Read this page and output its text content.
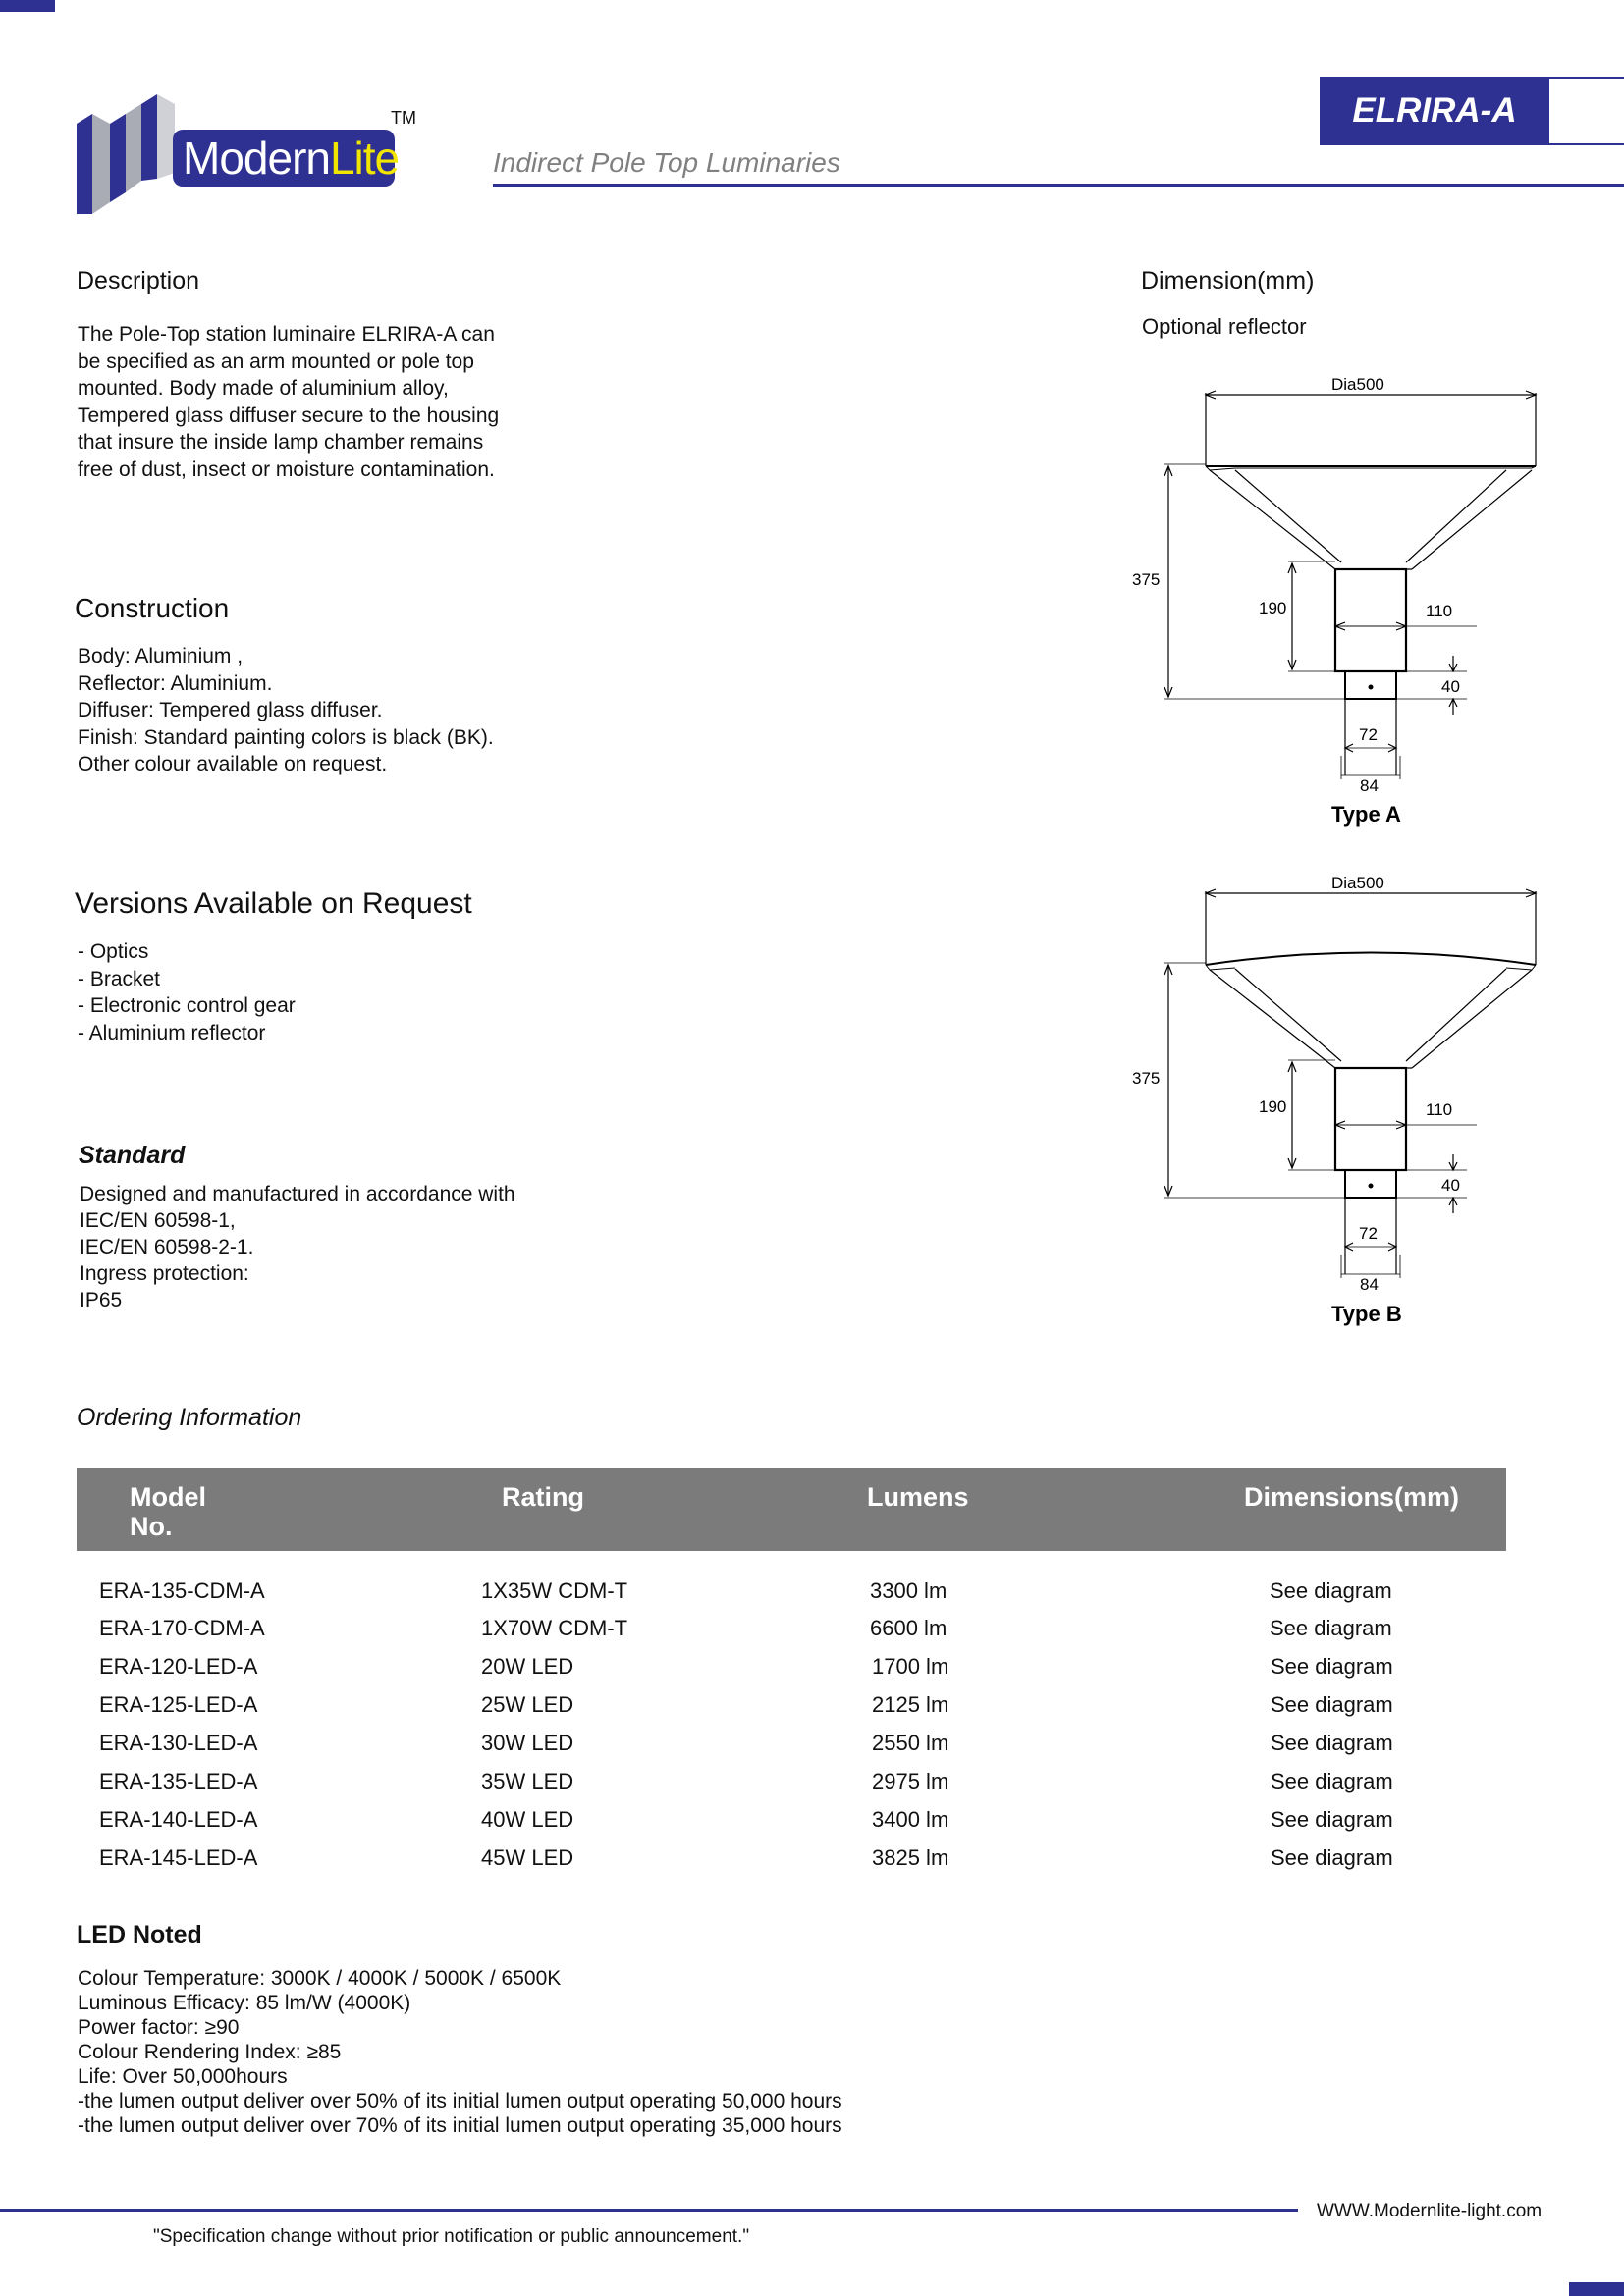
ModernLite
TM
Indirect Pole Top Luminaries
ELRIRA-A
Description
The Pole-Top station luminaire ELRIRA-A can
be specified as an arm mounted or pole top
mounted. Body made of aluminium alloy,
Tempered glass diffuser secure to the housing
that insure the inside lamp chamber remains
free of dust, insect or moisture contamination.
Construction
Body: Aluminium ,
Reflector: Aluminium.
Diffuser: Tempered glass diffuser.
Finish: Standard painting colors is black (BK).
Other colour available on request.
Versions Available on Request
- Optics
- Bracket
- Electronic control gear
- Aluminium reflector
Standard
Designed and manufactured in accordance with
IEC/EN 60598-1,
IEC/EN 60598-2-1.
Ingress protection:
IP65
Dimension(mm)
Optional reflector
Dia500
375
190	110
40
72
84
Type A
Dia500
375
190	110
40
72
84
Type B
Ordering Information
Model
No.
Rating	Lumens	Dimensions(mm)
ERA-135-CDM-A	1X35W CDM-T	3300 lm	See diagram
ERA-170-CDM-A	1X70W CDM-T	6600 lm	See diagram
ERA-120-LED-A	20W LED	1700 lm	See diagram
ERA-125-LED-A	25W LED	2125 lm	See diagram
ERA-130-LED-A	30W LED	2550 lm	See diagram
ERA-135-LED-A	35W LED	2975 lm	See diagram
ERA-140-LED-A	40W LED	3400 lm	See diagram
ERA-145-LED-A	45W LED	3825 lm	See diagram
LED Noted
Colour Temperature: 3000K / 4000K / 5000K / 6500K
Luminous Efficacy: 85 lm/W (4000K)
Power factor: ≥90
Colour Rendering Index: ≥85
Life: Over 50,000hours
-the lumen output deliver over 50% of its initial lumen output operating 50,000 hours
-the lumen output deliver over 70% of its initial lumen output operating 35,000 hours
WWW.Modernlite-light.com
"Specification change without prior notification or public announcement."
